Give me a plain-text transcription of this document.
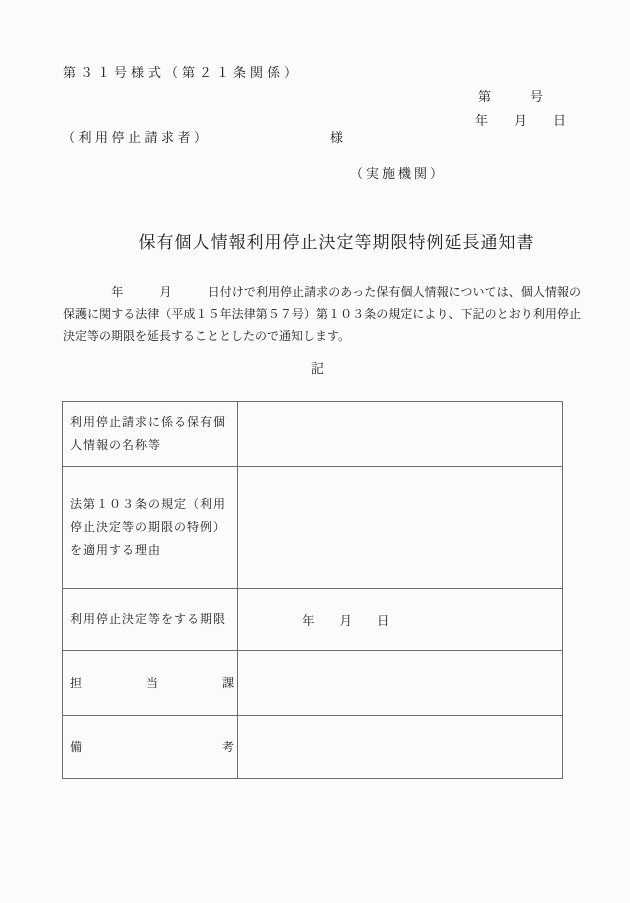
第３１号様式（第２１条関係）
第　　　号
年　　月　　日
（利用停止請求者）	様
（実施機関）
保有個人情報利用停止決定等期限特例延長通知書

　　　　年　　　月　　　日付けで利用停止請求のあった保有個人情報については、個人情報の保護に関する法律（平成１５年法律第５７号）第１０３条の規定により、下記のとおり利用停止決定等の期限を延長することとしたので通知します。

記
利用停止請求に係る保有個人情報の名称等	

法第１０３条の規定（利用停止決定等の期限の特例）を適用する理由	

利用停止決定等をする期限	年　　月　　日

担当課	

備考	
